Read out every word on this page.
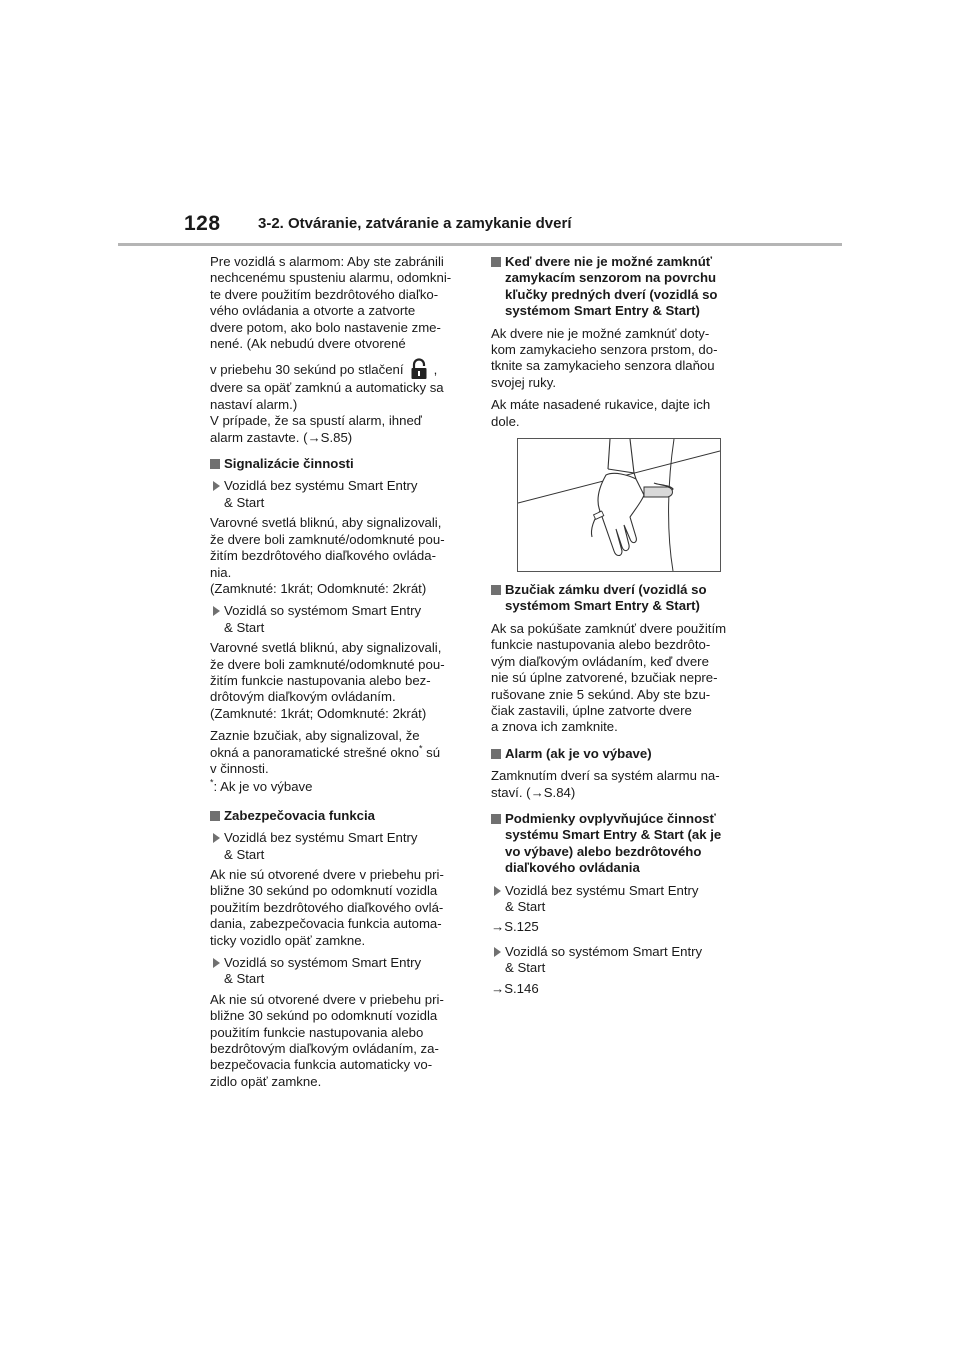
128 3-2. Otváranie, zatváranie a zamykanie dverí

Pre vozidlá s alarmom: Aby ste zabránili
nechcenému spusteniu alarmu, odomkni-
te dvere použitím bezdrôtového diaľko-
vého ovládania a otvorte a zatvorte
dvere potom, ako bolo nastavenie zme-
nené. (Ak nebudú dvere otvorené

v priebehu 30 sekúnd po stlačení ,

dvere sa opäť zamknú a automaticky sa
nastaví alarm.)
V prípade, že sa spustí alarm, ihneď
alarm zastavte. (→S.85)

Signalizácie činnosti
Vozidlá bez systému Smart Entry
& Start

Varovné svetlá bliknú, aby signalizovali,
že dvere boli zamknuté/odomknuté pou-
žitím bezdrôtového diaľkového ovláda-
nia.
(Zamknuté: 1krát; Odomknuté: 2krát)

Vozidlá so systémom Smart Entry
& Start

Varovné svetlá bliknú, aby signalizovali,
že dvere boli zamknuté/odomknuté pou-
žitím funkcie nastupovania alebo bez-
drôtovým diaľkovým ovládaním.
(Zamknuté: 1krát; Odomknuté: 2krát)

Zaznie bzučiak, aby signalizoval, že
okná a panoramatické strešné okno* sú
v činnosti.

*: Ak je vo výbave

Zabezpečovacia funkcia
Vozidlá bez systému Smart Entry
& Start

Ak nie sú otvorené dvere v priebehu pri-
bližne 30 sekúnd po odomknutí vozidla
použitím bezdrôtového diaľkového ovlá-
dania, zabezpečovacia funkcia automa-
ticky vozidlo opäť zamkne.

Vozidlá so systémom Smart Entry
& Start

Ak nie sú otvorené dvere v priebehu pri-
bližne 30 sekúnd po odomknutí vozidla
použitím funkcie nastupovania alebo
bezdrôtovým diaľkovým ovládaním, za-
bezpečovacia funkcia automaticky vo-
zidlo opäť zamkne.

Keď dvere nie je možné zamknúť
zamykacím senzorom na povrchu
kľučky predných dverí (vozidlá so
systémom Smart Entry & Start)

Ak dvere nie je možné zamknúť doty-
kom zamykacieho senzora prstom, do-
tknite sa zamykacieho senzora dlaňou
svojej ruky.

Ak máte nasadené rukavice, dajte ich
dole.

Bzučiak zámku dverí (vozidlá so
systémom Smart Entry & Start)

Ak sa pokúšate zamknúť dvere použitím
funkcie nastupovania alebo bezdrôto-
vým diaľkovým ovládaním, keď dvere
nie sú úplne zatvorené, bzučiak nepre-
rušovane znie 5 sekúnd. Aby ste bzu-
čiak zastavili, úplne zatvorte dvere
a znova ich zamknite.

Alarm (ak je vo výbave)

Zamknutím dverí sa systém alarmu na-
staví. (→S.84)

Podmienky ovplyvňujúce činnosť
systému Smart Entry & Start (ak je
vo výbave) alebo bezdrôtového
diaľkového ovládania
Vozidlá bez systému Smart Entry
& Start

→S.125

Vozidlá so systémom Smart Entry
& Start

→S.146
